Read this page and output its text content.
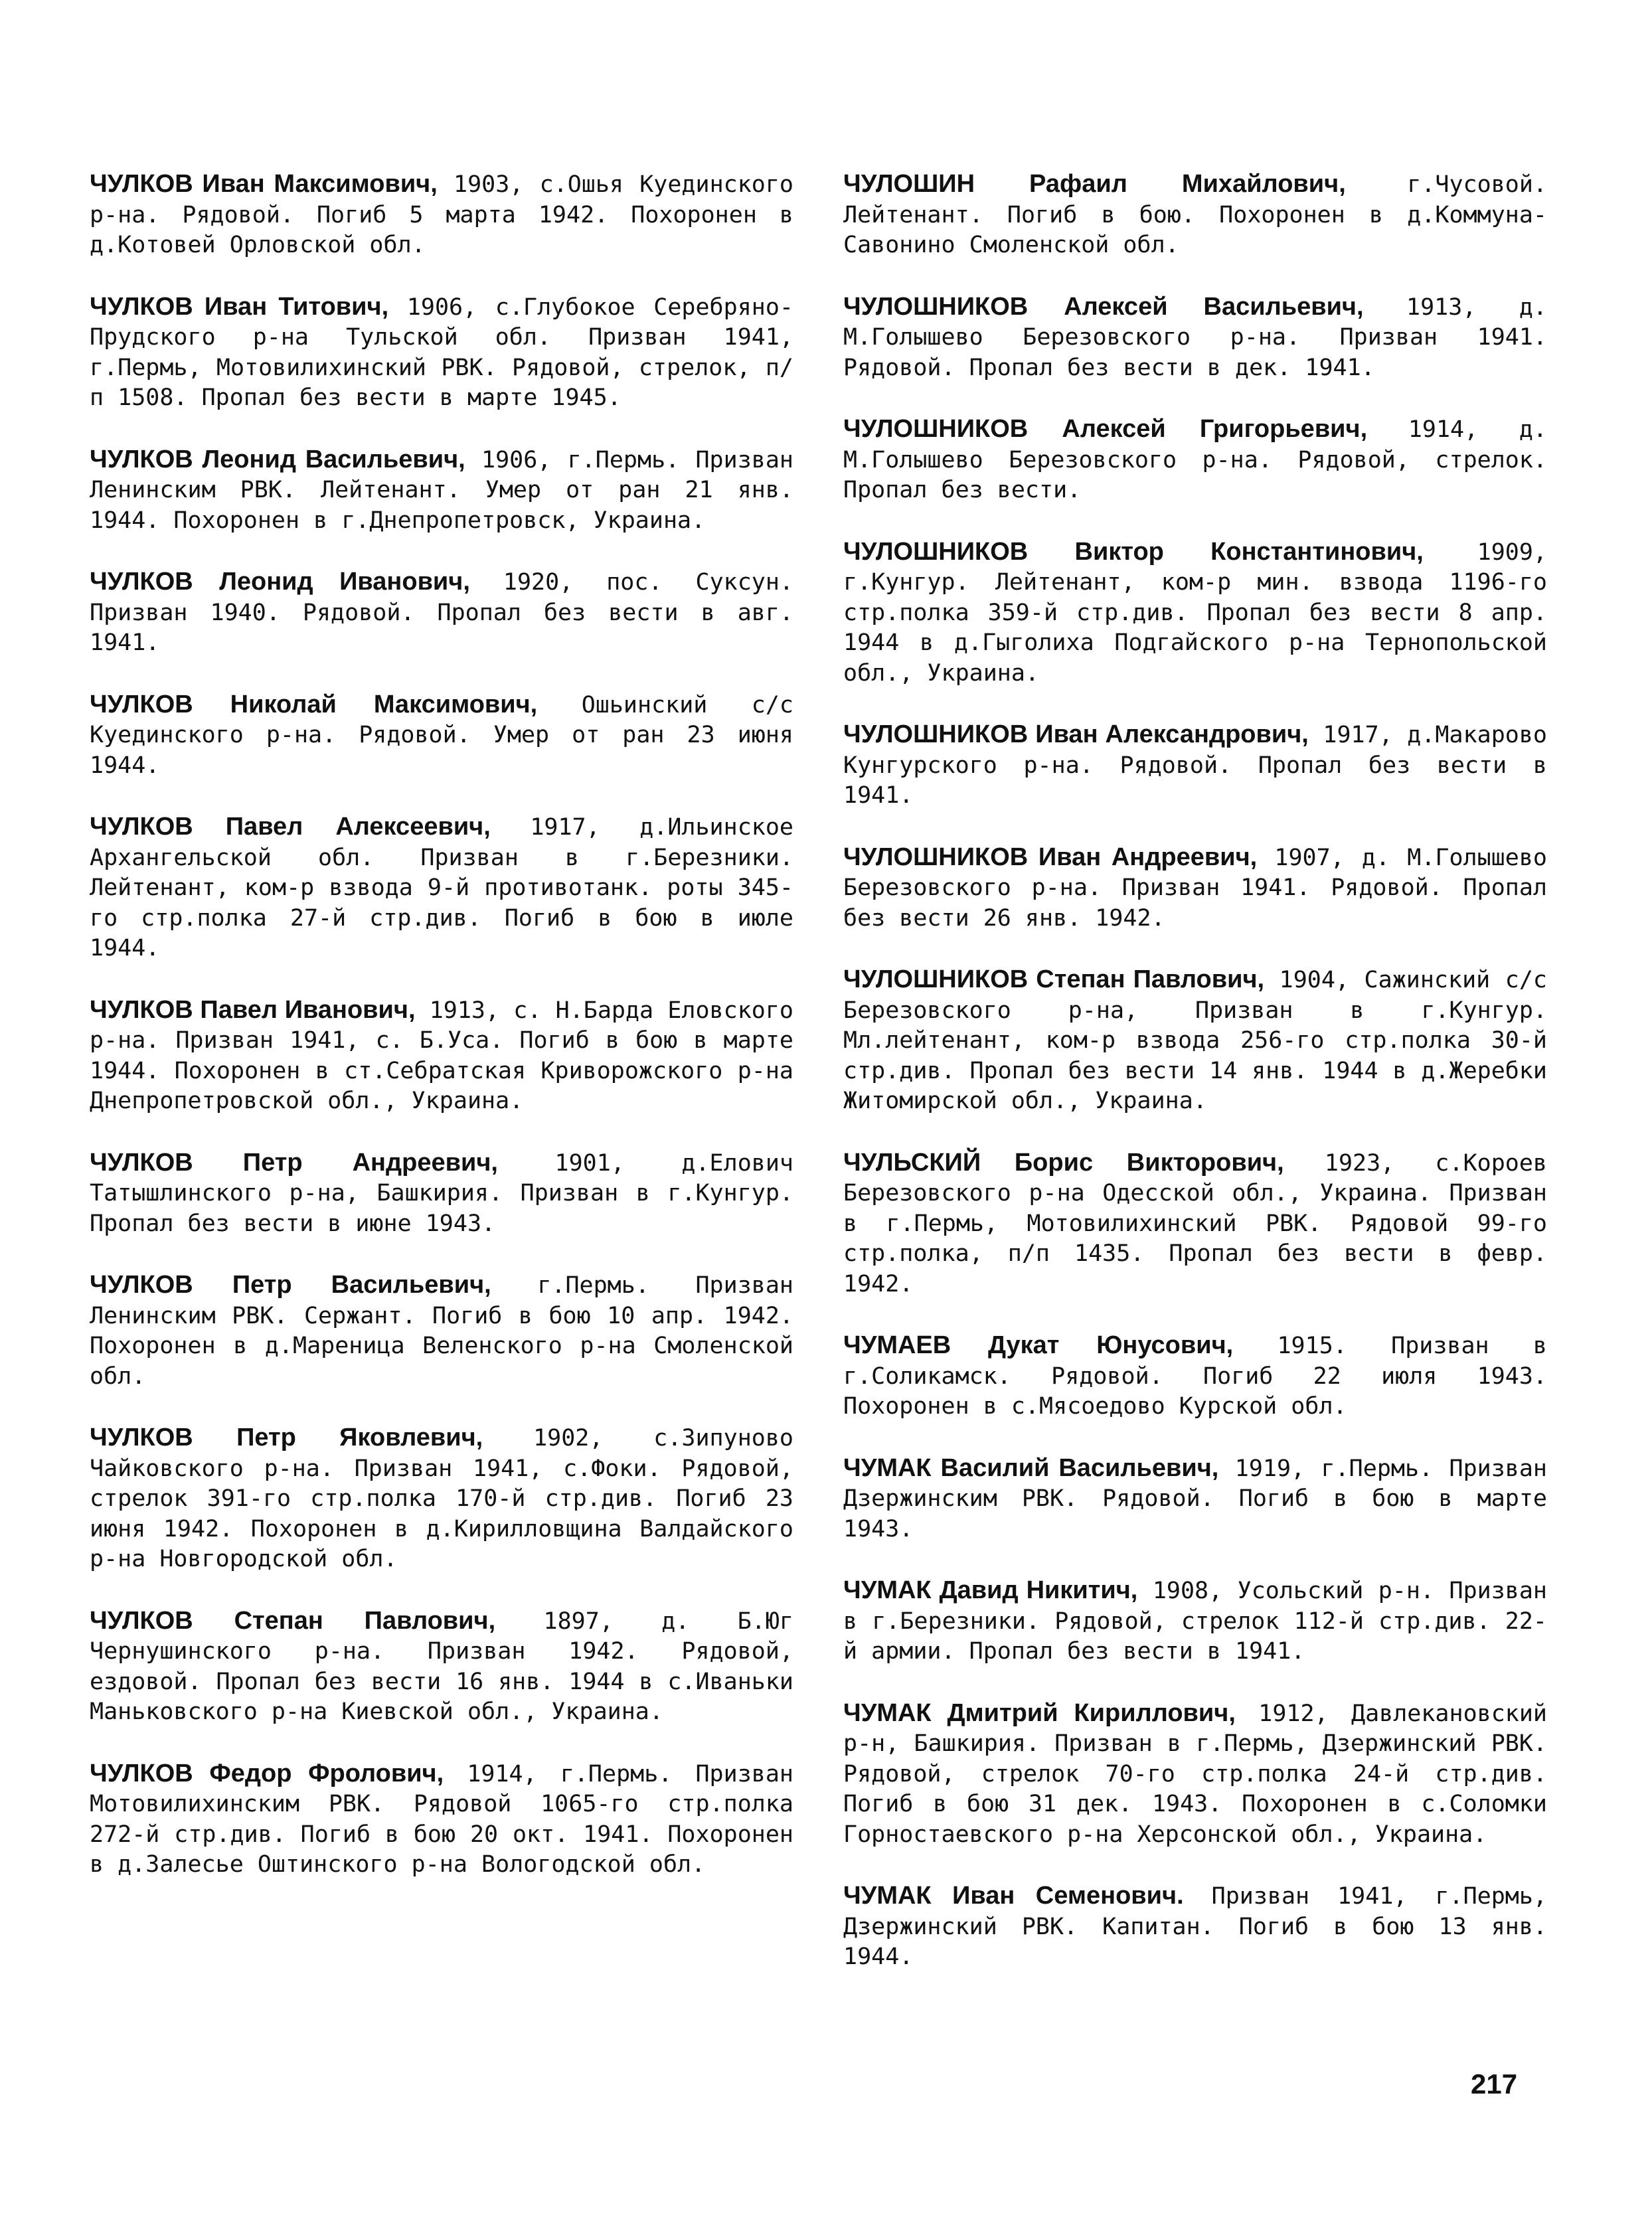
ЧУЛКОВ Иван Максимович, 1903, с.Ошья Куединского р-на. Рядовой. Погиб 5 марта 1942. Похоронен в д.Котовей Орловской обл.

ЧУЛКОВ Иван Титович, 1906, с.Глубокое Серебряно-Прудского р-на Тульской обл. Призван 1941, г.Пермь, Мотовилихинский РВК. Рядовой, стрелок, п/п 1508. Пропал без вести в марте 1945.

ЧУЛКОВ Леонид Васильевич, 1906, г.Пермь. Призван Ленинским РВК. Лейтенант. Умер от ран 21 янв. 1944. Похоронен в г.Днепропетровск, Украина.

ЧУЛКОВ Леонид Иванович, 1920, пос. Суксун. Призван 1940. Рядовой. Пропал без вести в авг. 1941.

ЧУЛКОВ Николай Максимович, Ошьинский с/с Куединского р-на. Рядовой. Умер от ран 23 июня 1944.

ЧУЛКОВ Павел Алексеевич, 1917, д.Ильинское Архангельской обл. Призван в г.Березники. Лейтенант, ком-р взвода 9-й противотанк. роты 345-го стр.полка 27-й стр.див. Погиб в бою в июле 1944.

ЧУЛКОВ Павел Иванович, 1913, с. Н.Барда Еловского р-на. Призван 1941, с. Б.Уса. Погиб в бою в марте 1944. Похоронен в ст.Себратская Криворожского р-на Днепропетровской обл., Украина.

ЧУЛКОВ Петр Андреевич, 1901, д.Елович Татышлинского р-на, Башкирия. Призван в г.Кунгур. Пропал без вести в июне 1943.

ЧУЛКОВ Петр Васильевич, г.Пермь. Призван Ленинским РВК. Сержант. Погиб в бою 10 апр. 1942. Похоронен в д.Мареница Веленского р-на Смоленской обл.

ЧУЛКОВ Петр Яковлевич, 1902, с.Зипуново Чайковского р-на. Призван 1941, с.Фоки. Рядовой, стрелок 391-го стр.полка 170-й стр.див. Погиб 23 июня 1942. Похоронен в д.Кирилловщина Валдайского р-на Новгородской обл.

ЧУЛКОВ Степан Павлович, 1897, д. Б.Юг Чернушинского р-на. Призван 1942. Рядовой, ездовой. Пропал без вести 16 янв. 1944 в с.Иваньки Маньковского р-на Киевской обл., Украина.

ЧУЛКОВ Федор Фролович, 1914, г.Пермь. Призван Мотовилихинским РВК. Рядовой 1065-го стр.полка 272-й стр.див. Погиб в бою 20 окт. 1941. Похоронен в д.Залесье Оштинского р-на Вологодской обл.

ЧУЛОШИН Рафаил Михайлович,	г.Чусовой. Лейтенант. Погиб в бою. Похоронен в д.Коммуна-Савонино Смоленской обл.

ЧУЛОШНИКОВ Алексей Васильевич, 1913, д. М.Голышево Березовского р-на. Призван 1941. Рядовой. Пропал без вести в дек. 1941.

ЧУЛОШНИКОВ Алексей Григорьевич, 1914, д. М.Голышево Березовского р-на. Рядовой, стрелок. Пропал без вести.

ЧУЛОШНИКОВ Виктор Константинович, 1909, г.Кунгур. Лейтенант, ком-р мин. взвода 1196-го стр.полка 359-й стр.див. Пропал без вести 8 апр. 1944 в д.Гыголиха Подгайского р-на Тернопольской обл., Украина.

ЧУЛОШНИКОВ Иван Александрович, 1917, д.Макарово Кунгурского р-на. Рядовой. Пропал без вести в 1941.

ЧУЛОШНИКОВ Иван Андреевич, 1907, д. М.Голышево Березовского р-на. Призван 1941. Рядовой. Пропал без вести 26 янв. 1942.

ЧУЛОШНИКОВ Степан Павлович, 1904, Сажинский с/с Березовского р-на, Призван в г.Кунгур. Мл.лейтенант, ком-р взвода 256-го стр.полка 30-й стр.див. Пропал без вести 14 янв. 1944 в д.Жеребки Житомирской обл., Украина.

ЧУЛЬСКИЙ Борис Викторович, 1923, с.Короев Березовского р-на Одесской обл., Украина. Призван в г.Пермь, Мотовилихинский РВК. Рядовой 99-го стр.полка, п/п 1435. Пропал без вести в февр. 1942.

ЧУМАЕВ Дукат Юнусович, 1915. Призван в г.Соликамск. Рядовой. Погиб 22 июля 1943. Похоронен в с.Мясоедово Курской обл.

ЧУМАК Василий Васильевич, 1919, г.Пермь. Призван Дзержинским РВК. Рядовой. Погиб в бою в марте 1943.

ЧУМАК Давид Никитич, 1908, Усольский р-н. Призван в г.Березники. Рядовой, стрелок 112-й стр.див. 22-й армии. Пропал без вести в 1941.

ЧУМАК Дмитрий Кириллович, 1912, Давлекановский р-н, Башкирия. Призван в г.Пермь, Дзержинский РВК. Рядовой, стрелок 70-го стр.полка 24-й стр.див. Погиб в бою 31 дек. 1943. Похоронен в с.Соломки Горностаевского р-на Херсонской обл., Украина.

ЧУМАК Иван Семенович. Призван 1941, г.Пермь, Дзержинский РВК. Капитан. Погиб в бою 13 янв. 1944.

217
